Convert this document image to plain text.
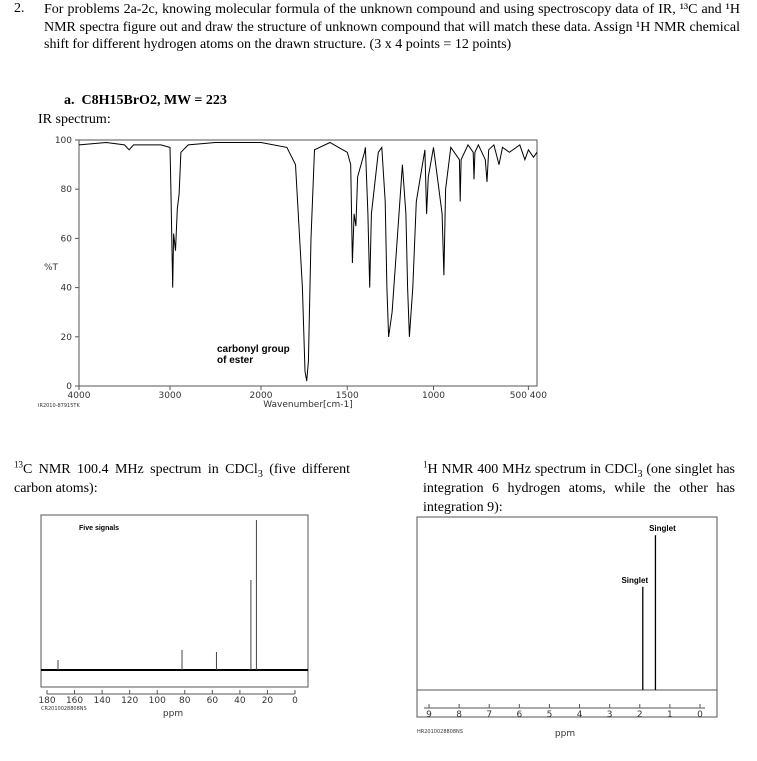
2. For problems 2a-2c, knowing molecular formula of the unknown compound and using spectroscopy data of IR, ¹³C and ¹H NMR spectra figure out and draw the structure of unknown compound that will match these data. Assign ¹H NMR chemical shift for different hydrogen atoms on the drawn structure. (3 x 4 points = 12 points)
a. C8H15BrO2, MW = 223
IR spectrum:
100
80
60
40
20
0
4000	3000	2000	1500	1000	500 400
%T
Wavenumber[cm-1]
carbonyl group
of ester
IR2010-87915TK
$^{13}$C NMR 100.4 MHz spectrum in CDCl$_3$ (five different carbon atoms):
Five signals
180 160 140 120 100 80 60 40 20 0
ppm
CR2010028808NS
$^1$H NMR 400 MHz spectrum in CDCl$_3$ (one singlet has integration 6 hydrogen atoms, while the other has integration 9):
9	8	7	6	5	4	3	2	1	0
ppm
HR2010028808NS
Singlet
Singlet
